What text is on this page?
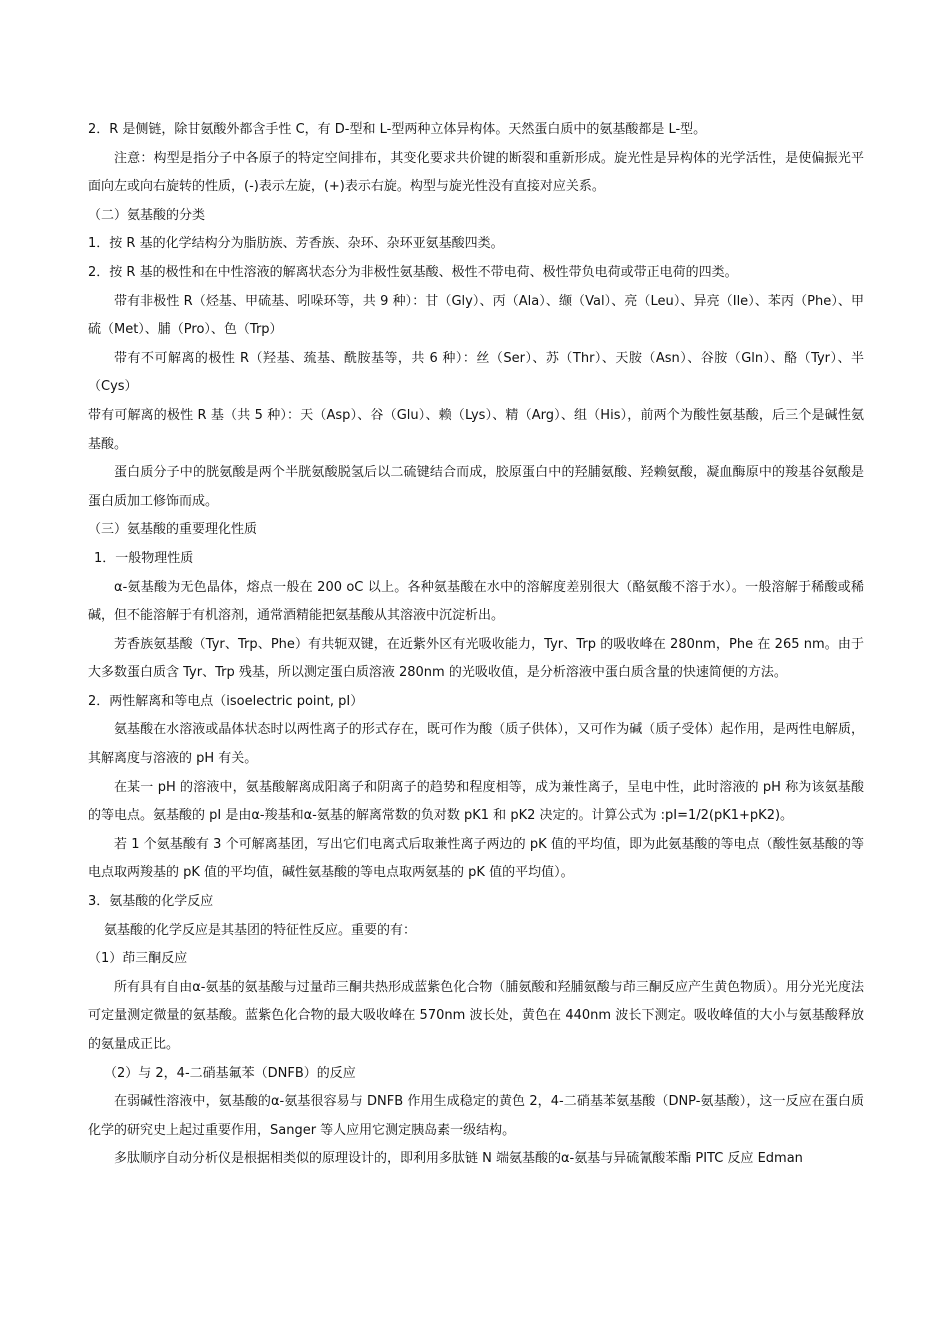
2．R 是侧链，除甘氨酸外都含手性 C，有 D-型和 L-型两种立体异构体。天然蛋白质中的氨基酸都是 L-型。

注意：构型是指分子中各原子的特定空间排布，其变化要求共价键的断裂和重新形成。旋光性是异构体的光学活性，是使偏振光平面向左或向右旋转的性质，(-)表示左旋，(+)表示右旋。构型与旋光性没有直接对应关系。

（二）氨基酸的分类

1．按 R 基的化学结构分为脂肪族、芳香族、杂环、杂环亚氨基酸四类。

2．按 R 基的极性和在中性溶液的解离状态分为非极性氨基酸、极性不带电荷、极性带负电荷或带正电荷的四类。

带有非极性 R（烃基、甲硫基、吲哚环等，共 9 种）：甘（Gly）、丙（Ala）、缬（Val）、亮（Leu）、异亮（Ile）、苯丙（Phe）、甲硫（Met）、脯（Pro）、色（Trp）

带有不可解离的极性 R（羟基、巯基、酰胺基等，共 6 种）：丝（Ser）、苏（Thr）、天胺（Asn）、谷胺（Gln）、酪（Tyr）、半（Cys）

带有可解离的极性 R 基（共 5 种）：天（Asp）、谷（Glu）、赖（Lys）、精（Arg）、组（His），前两个为酸性氨基酸，后三个是碱性氨基酸。

蛋白质分子中的胱氨酸是两个半胱氨酸脱氢后以二硫键结合而成，胶原蛋白中的羟脯氨酸、羟赖氨酸，凝血酶原中的羧基谷氨酸是蛋白质加工修饰而成。

（三）氨基酸的重要理化性质

1．一般物理性质

α-氨基酸为无色晶体，熔点一般在 200 oC 以上。各种氨基酸在水中的溶解度差别很大（酪氨酸不溶于水）。一般溶解于稀酸或稀碱，但不能溶解于有机溶剂，通常酒精能把氨基酸从其溶液中沉淀析出。

芳香族氨基酸（Tyr、Trp、Phe）有共轭双键，在近紫外区有光吸收能力，Tyr、Trp 的吸收峰在 280nm，Phe 在 265 nm。由于大多数蛋白质含 Tyr、Trp 残基，所以测定蛋白质溶液 280nm 的光吸收值，是分析溶液中蛋白质含量的快速简便的方法。

2．两性解离和等电点（isoelectric point, pI）

氨基酸在水溶液或晶体状态时以两性离子的形式存在，既可作为酸（质子供体），又可作为碱（质子受体）起作用，是两性电解质，其解离度与溶液的 pH 有关。

在某一 pH 的溶液中，氨基酸解离成阳离子和阴离子的趋势和程度相等，成为兼性离子，呈电中性，此时溶液的 pH 称为该氨基酸的等电点。氨基酸的 pI 是由α-羧基和α-氨基的解离常数的负对数 pK1 和 pK2 决定的。计算公式为 :pI=1/2(pK1+pK2)。

若 1 个氨基酸有 3 个可解离基团，写出它们电离式后取兼性离子两边的 pK 值的平均值，即为此氨基酸的等电点（酸性氨基酸的等电点取两羧基的 pK 值的平均值，碱性氨基酸的等电点取两氨基的 pK 值的平均值）。

3．氨基酸的化学反应

氨基酸的化学反应是其基团的特征性反应。重要的有：

（1）茚三酮反应

所有具有自由α-氨基的氨基酸与过量茚三酮共热形成蓝紫色化合物（脯氨酸和羟脯氨酸与茚三酮反应产生黄色物质）。用分光光度法可定量测定微量的氨基酸。蓝紫色化合物的最大吸收峰在 570nm 波长处，黄色在 440nm 波长下测定。吸收峰值的大小与氨基酸释放的氨量成正比。

（2）与 2，4-二硝基氟苯（DNFB）的反应

在弱碱性溶液中，氨基酸的α-氨基很容易与 DNFB 作用生成稳定的黄色 2，4-二硝基苯氨基酸（DNP-氨基酸），这一反应在蛋白质化学的研究史上起过重要作用，Sanger 等人应用它测定胰岛素一级结构。

多肽顺序自动分析仪是根据相类似的原理设计的，即利用多肽链 N 端氨基酸的α-氨基与异硫氰酸苯酯 PITC 反应 Edman
